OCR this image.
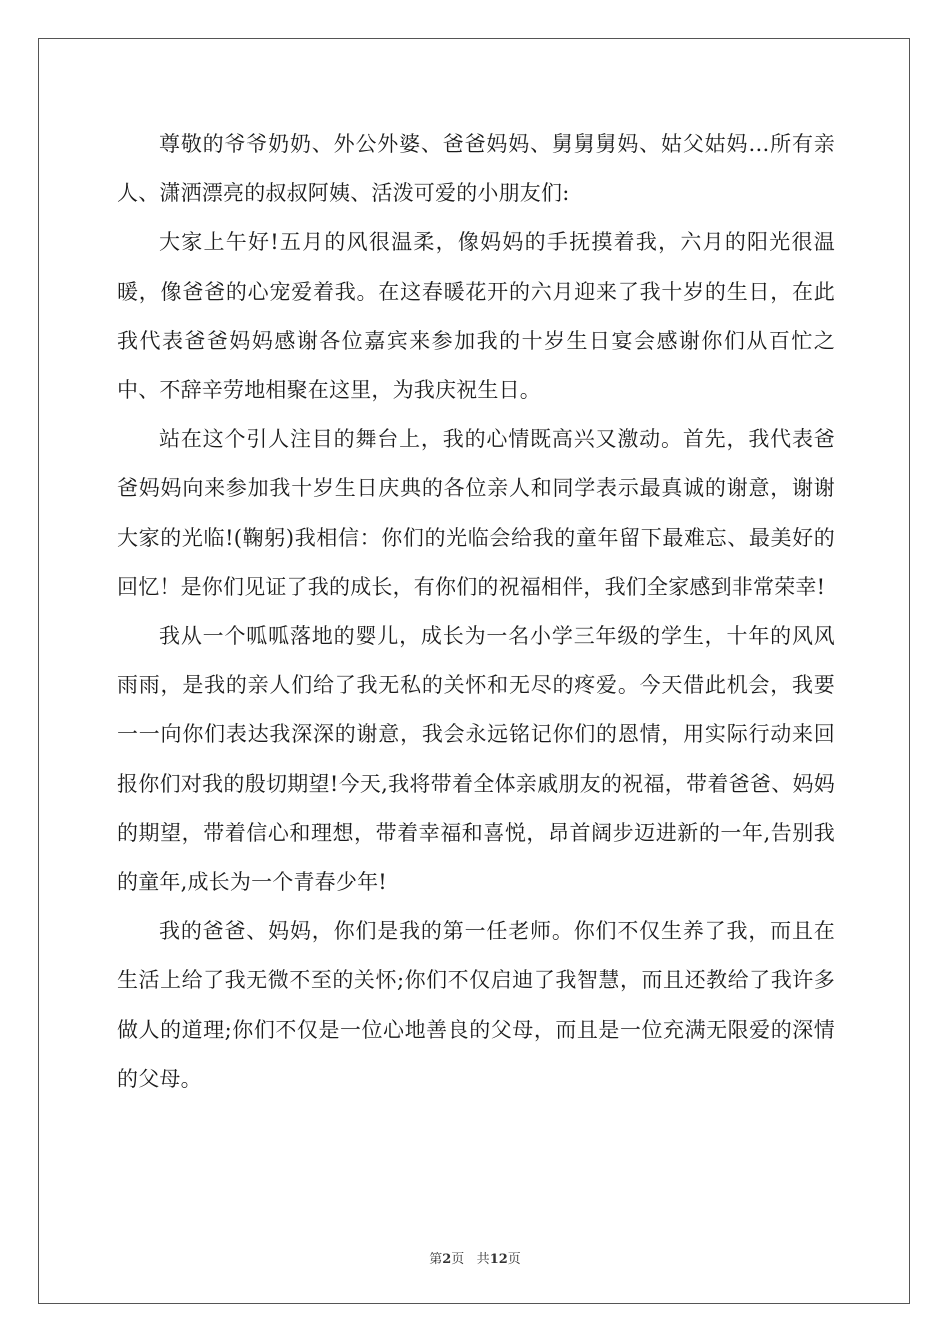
尊敬的爷爷奶奶、外公外婆、爸爸妈妈、舅舅舅妈、姑父姑妈…所有亲人、潇洒漂亮的叔叔阿姨、活泼可爱的小朋友们:

大家上午好!五月的风很温柔，像妈妈的手抚摸着我，六月的阳光很温暖，像爸爸的心宠爱着我。在这春暖花开的六月迎来了我十岁的生日，在此我代表爸爸妈妈感谢各位嘉宾来参加我的十岁生日宴会感谢你们从百忙之中、不辞辛劳地相聚在这里，为我庆祝生日。

站在这个引人注目的舞台上，我的心情既高兴又激动。首先，我代表爸爸妈妈向来参加我十岁生日庆典的各位亲人和同学表示最真诚的谢意，谢谢大家的光临!(鞠躬)我相信：你们的光临会给我的童年留下最难忘、最美好的回忆！是你们见证了我的成长，有你们的祝福相伴，我们全家感到非常荣幸!

我从一个呱呱落地的婴儿，成长为一名小学三年级的学生，十年的风风雨雨，是我的亲人们给了我无私的关怀和无尽的疼爱。今天借此机会，我要一一向你们表达我深深的谢意，我会永远铭记你们的恩情，用实际行动来回报你们对我的殷切期望!今天,我将带着全体亲戚朋友的祝福，带着爸爸、妈妈的期望，带着信心和理想，带着幸福和喜悦，昂首阔步迈进新的一年,告别我的童年,成长为一个青春少年!

我的爸爸、妈妈，你们是我的第一任老师。你们不仅生养了我，而且在生活上给了我无微不至的关怀;你们不仅启迪了我智慧，而且还教给了我许多做人的道理;你们不仅是一位心地善良的父母，而且是一位充满无限爱的深情的父母。

第2页 共12页
